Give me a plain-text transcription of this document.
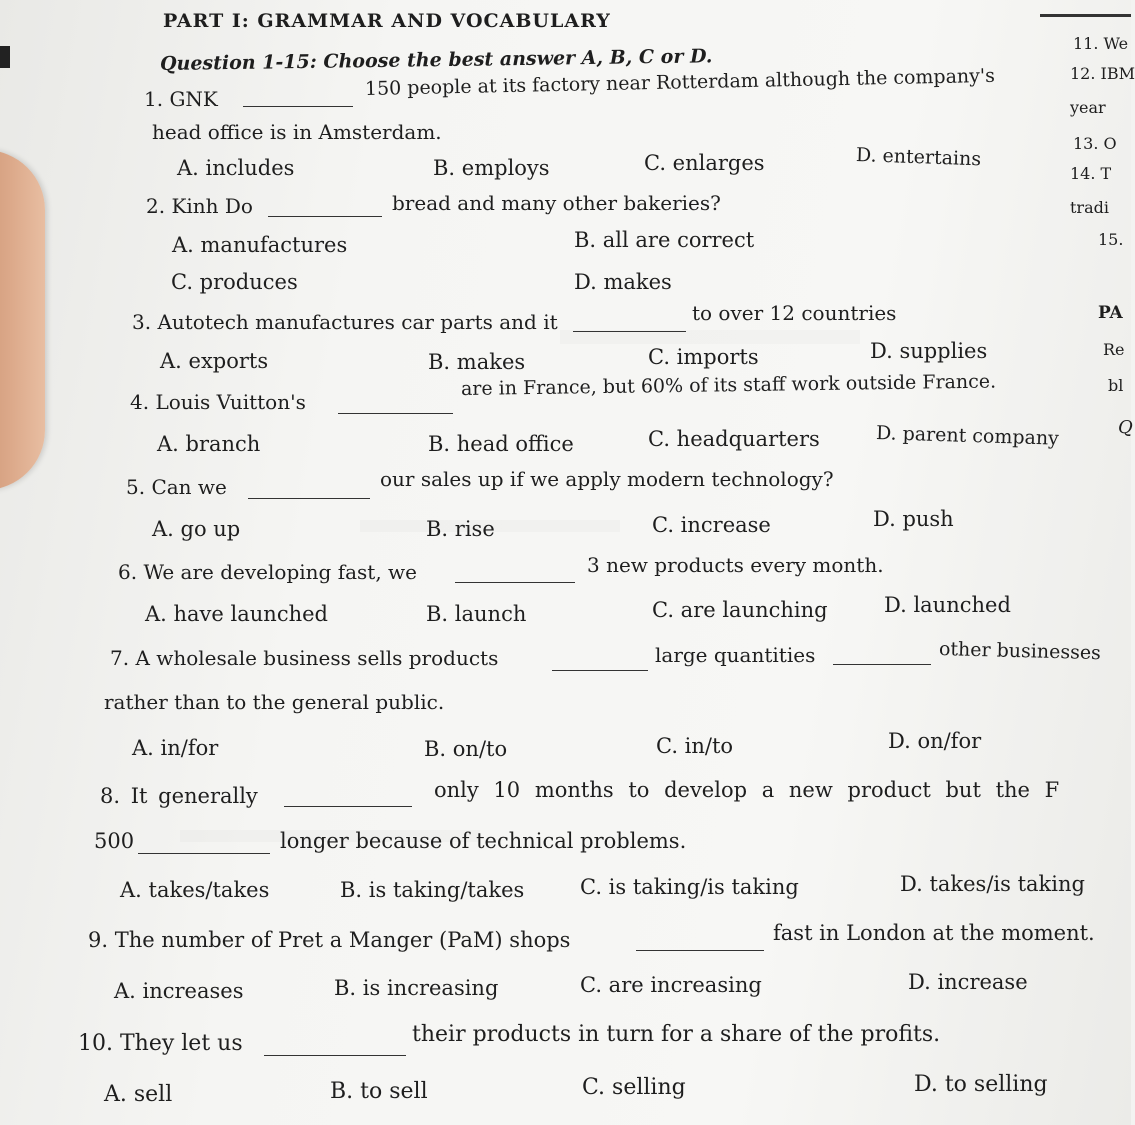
PART I: GRAMMAR AND VOCABULARY
Question 1-15: Choose the best answer A, B, C or D.
1. GNK	150 people at its factory near Rotterdam although the company's
head office is in Amsterdam.
A. includes	B. employs	C. enlarges	D. entertains
2. Kinh Do	bread and many other bakeries?
A. manufactures	B. all are correct
C. produces	D. makes
3. Autotech manufactures car parts and it	to over 12 countries
A. exports	B. makes	C. imports	D. supplies
4. Louis Vuitton's
are in France, but 60% of its staff work outside France.
A. branch	B. head office	C. headquarters	D. parent company
5. Can we	our sales up if we apply modern technology?
A. go up	B. rise	C. increase	D. push
6. We are developing fast, we	3 new products every month.
A. have launched	B. launch	C. are launching	D. launched
7. A wholesale business sells products	large quantities	other businesses
rather than to the general public.
A. in/for	B. on/to	C. in/to	D. on/for
8. It generally	only 10 months to develop a new product but the F
500	longer because of technical problems.
A. takes/takes	B. is taking/takes	C. is taking/is taking	D. takes/is taking
9. The number of Pret a Manger (PaM) shops	fast in London at the moment.
A. increases	B. is increasing	C. are increasing	D. increase
10. They let us	their products in turn for a share of the profits.
A. sell	B. to sell	C. selling	D. to selling
11. We
12. IBM
year
13. O
14. T
tradi
15.
PA
Re
bl
Q
